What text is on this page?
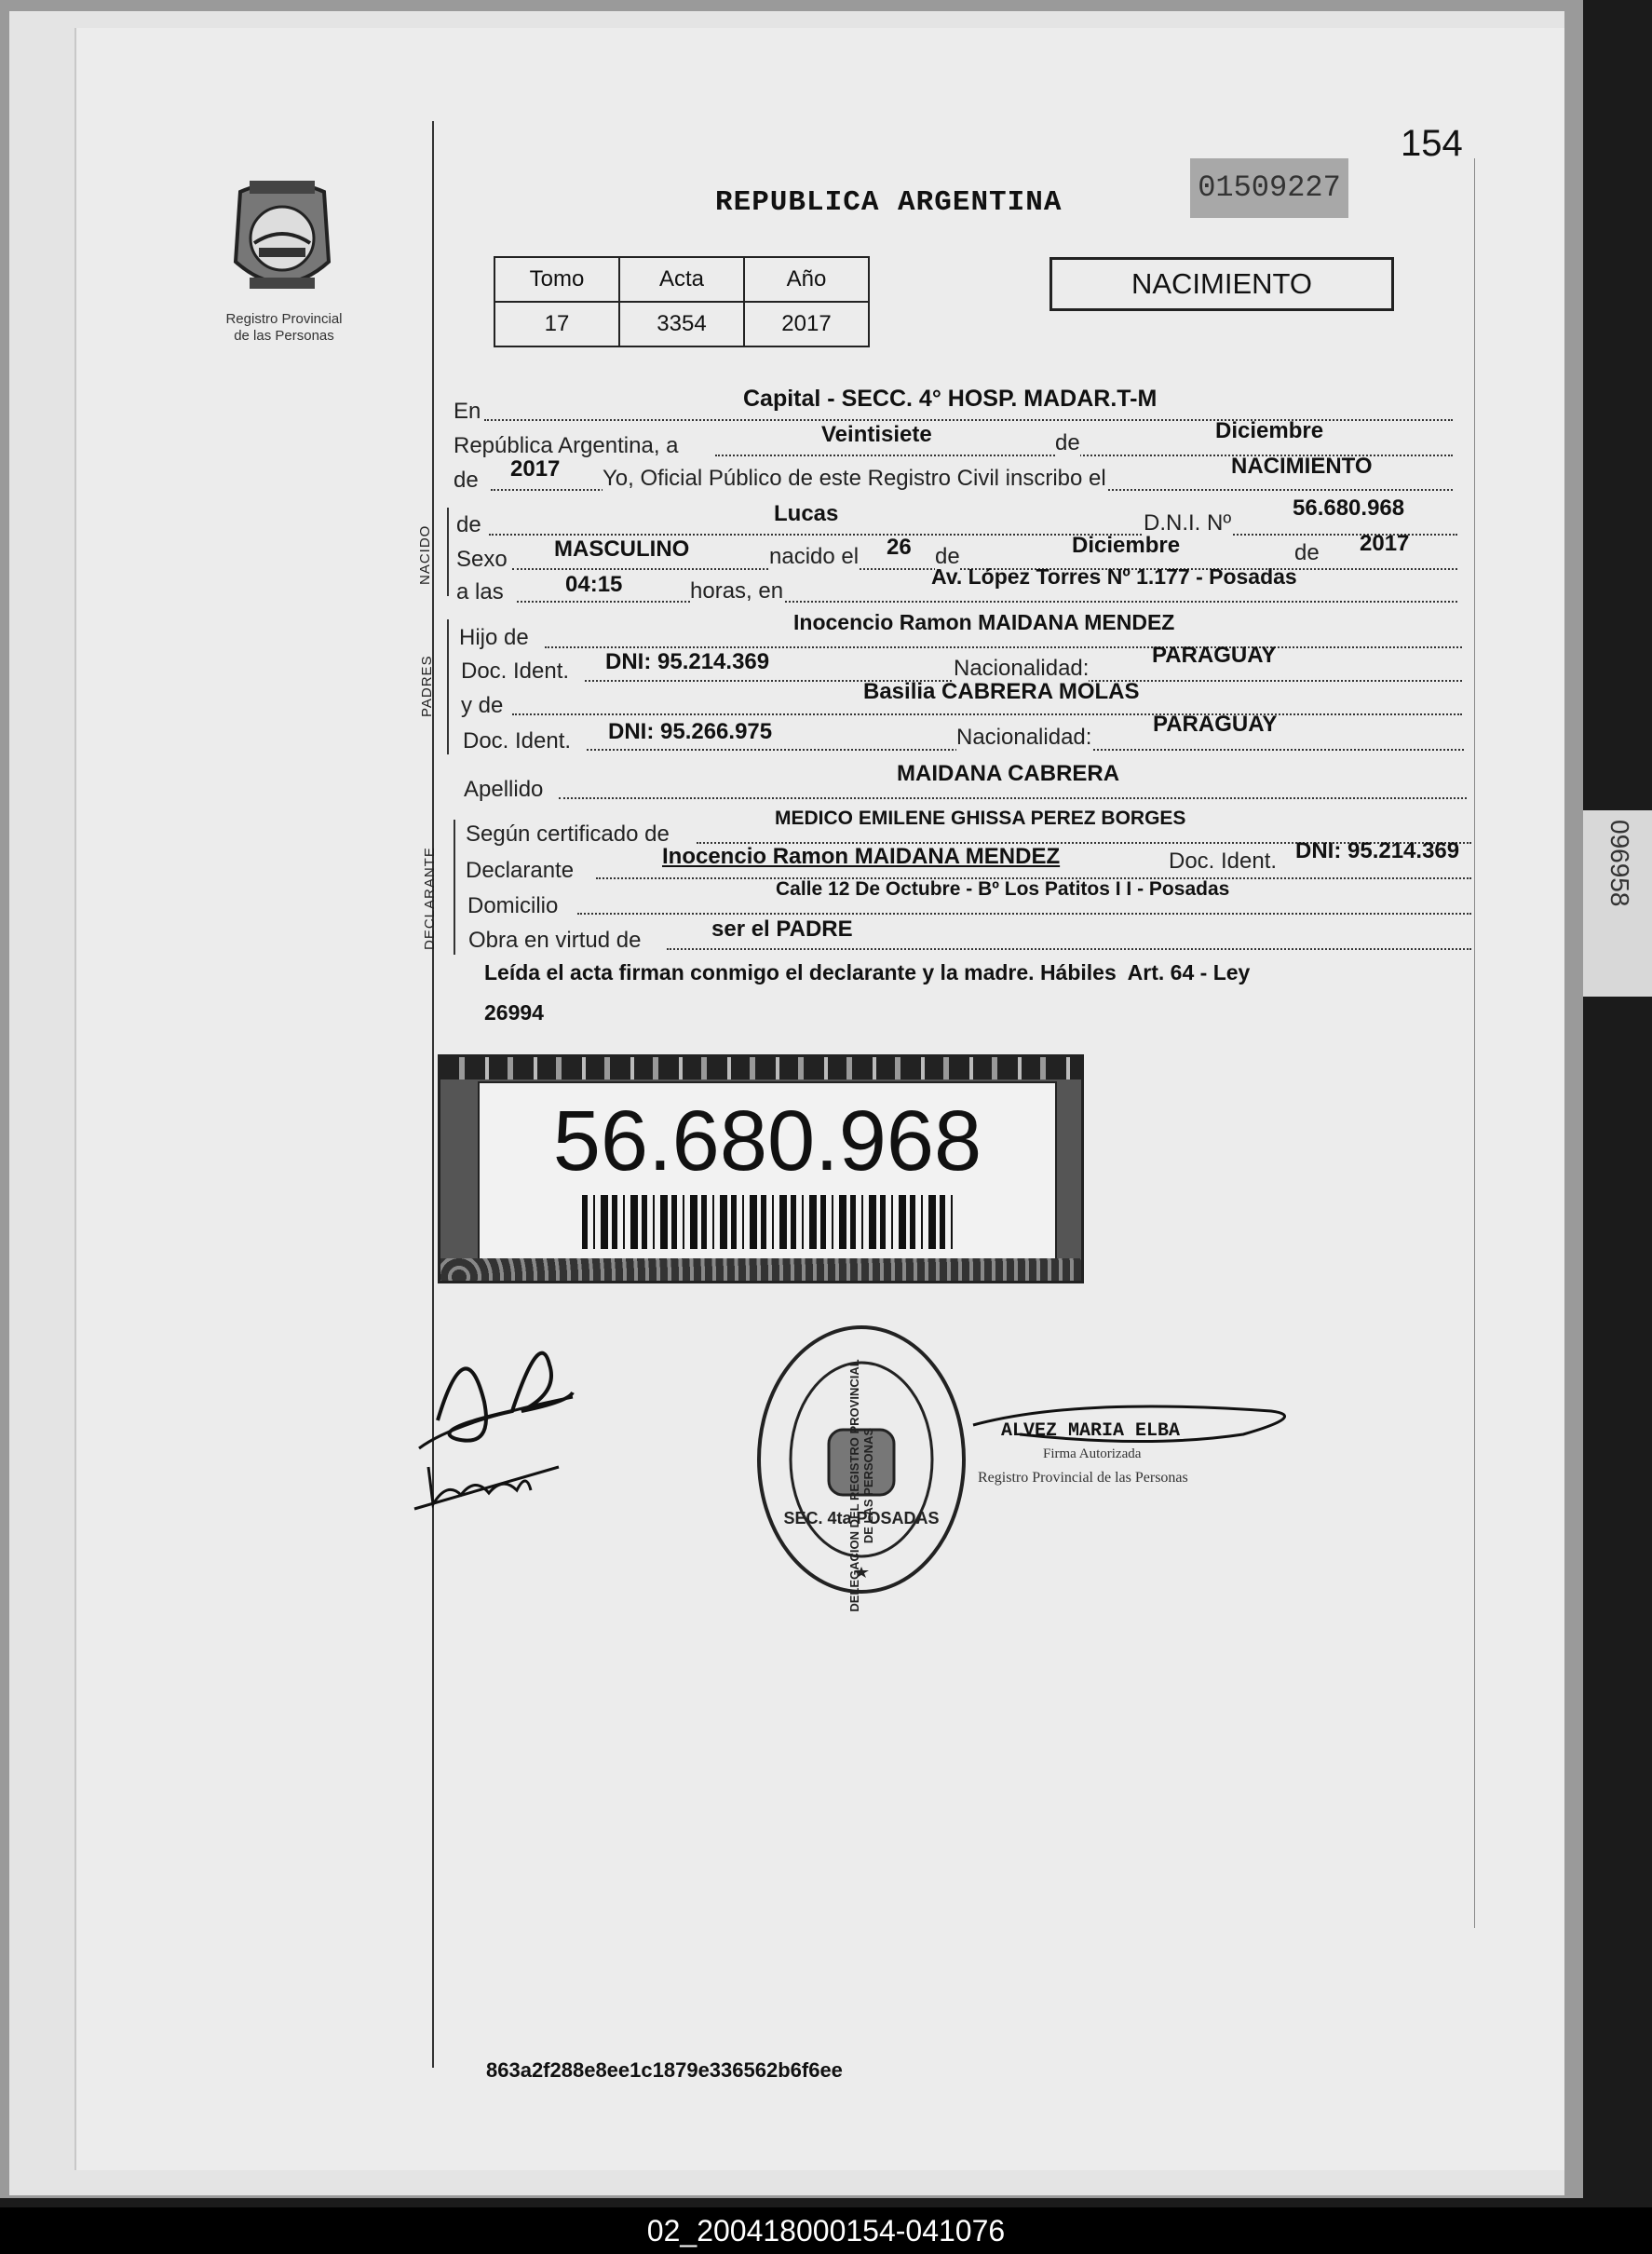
096958
154
Registro Provincial
de las Personas
REPUBLICA ARGENTINA	01509227
Tomo	Acta	Año
17	3354	2017
NACIMIENTO
En	Capital - SECC. 4° HOSP. MADAR.T-M
República Argentina, a	Veintisiete	de	Diciembre
de 2017 Yo, Oficial Público de este Registro Civil inscribo el	NACIMIENTO
NACIDO
de	Lucas	D.N.I. Nº
56.680.968
Sexo MASCULINO	nacido el 26 de	Diciembre	de 2017
a las	04:15	horas, en
Av. López Torres Nº 1.177 - Posadas
PADRES
Hijo de
Inocencio Ramon MAIDANA MENDEZ
Doc. Ident. DNI: 95.214.369	Nacionalidad:
PARAGUAY
y de
Basilia CABRERA MOLAS
Doc. Ident. DNI: 95.266.975	Nacionalidad:
PARAGUAY
Apellido
MAIDANA CABRERA
DECLARANTE
Según certificado de
MEDICO EMILENE GHISSA PEREZ BORGES
Declarante
Inocencio Ramon MAIDANA MENDEZ	Doc. Ident. DNI: 95.214.369
Domicilio
Calle 12 De Octubre - Bº Los Patitos I I - Posadas
Obra en virtud de	ser el PADRE
Leída el acta firman conmigo el declarante y la madre. Hábiles  Art. 64 - Ley
26994
56.680.968
DELEGACION DEL REGISTRO PROVINCIAL DE LAS PERSONAS
SEC. 4ta POSADAS
ALVEZ MARIA ELBA
Firma Autorizada
Registro Provincial de las Personas
863a2f288e8ee1c1879e336562b6f6ee
02_200418000154-041076
